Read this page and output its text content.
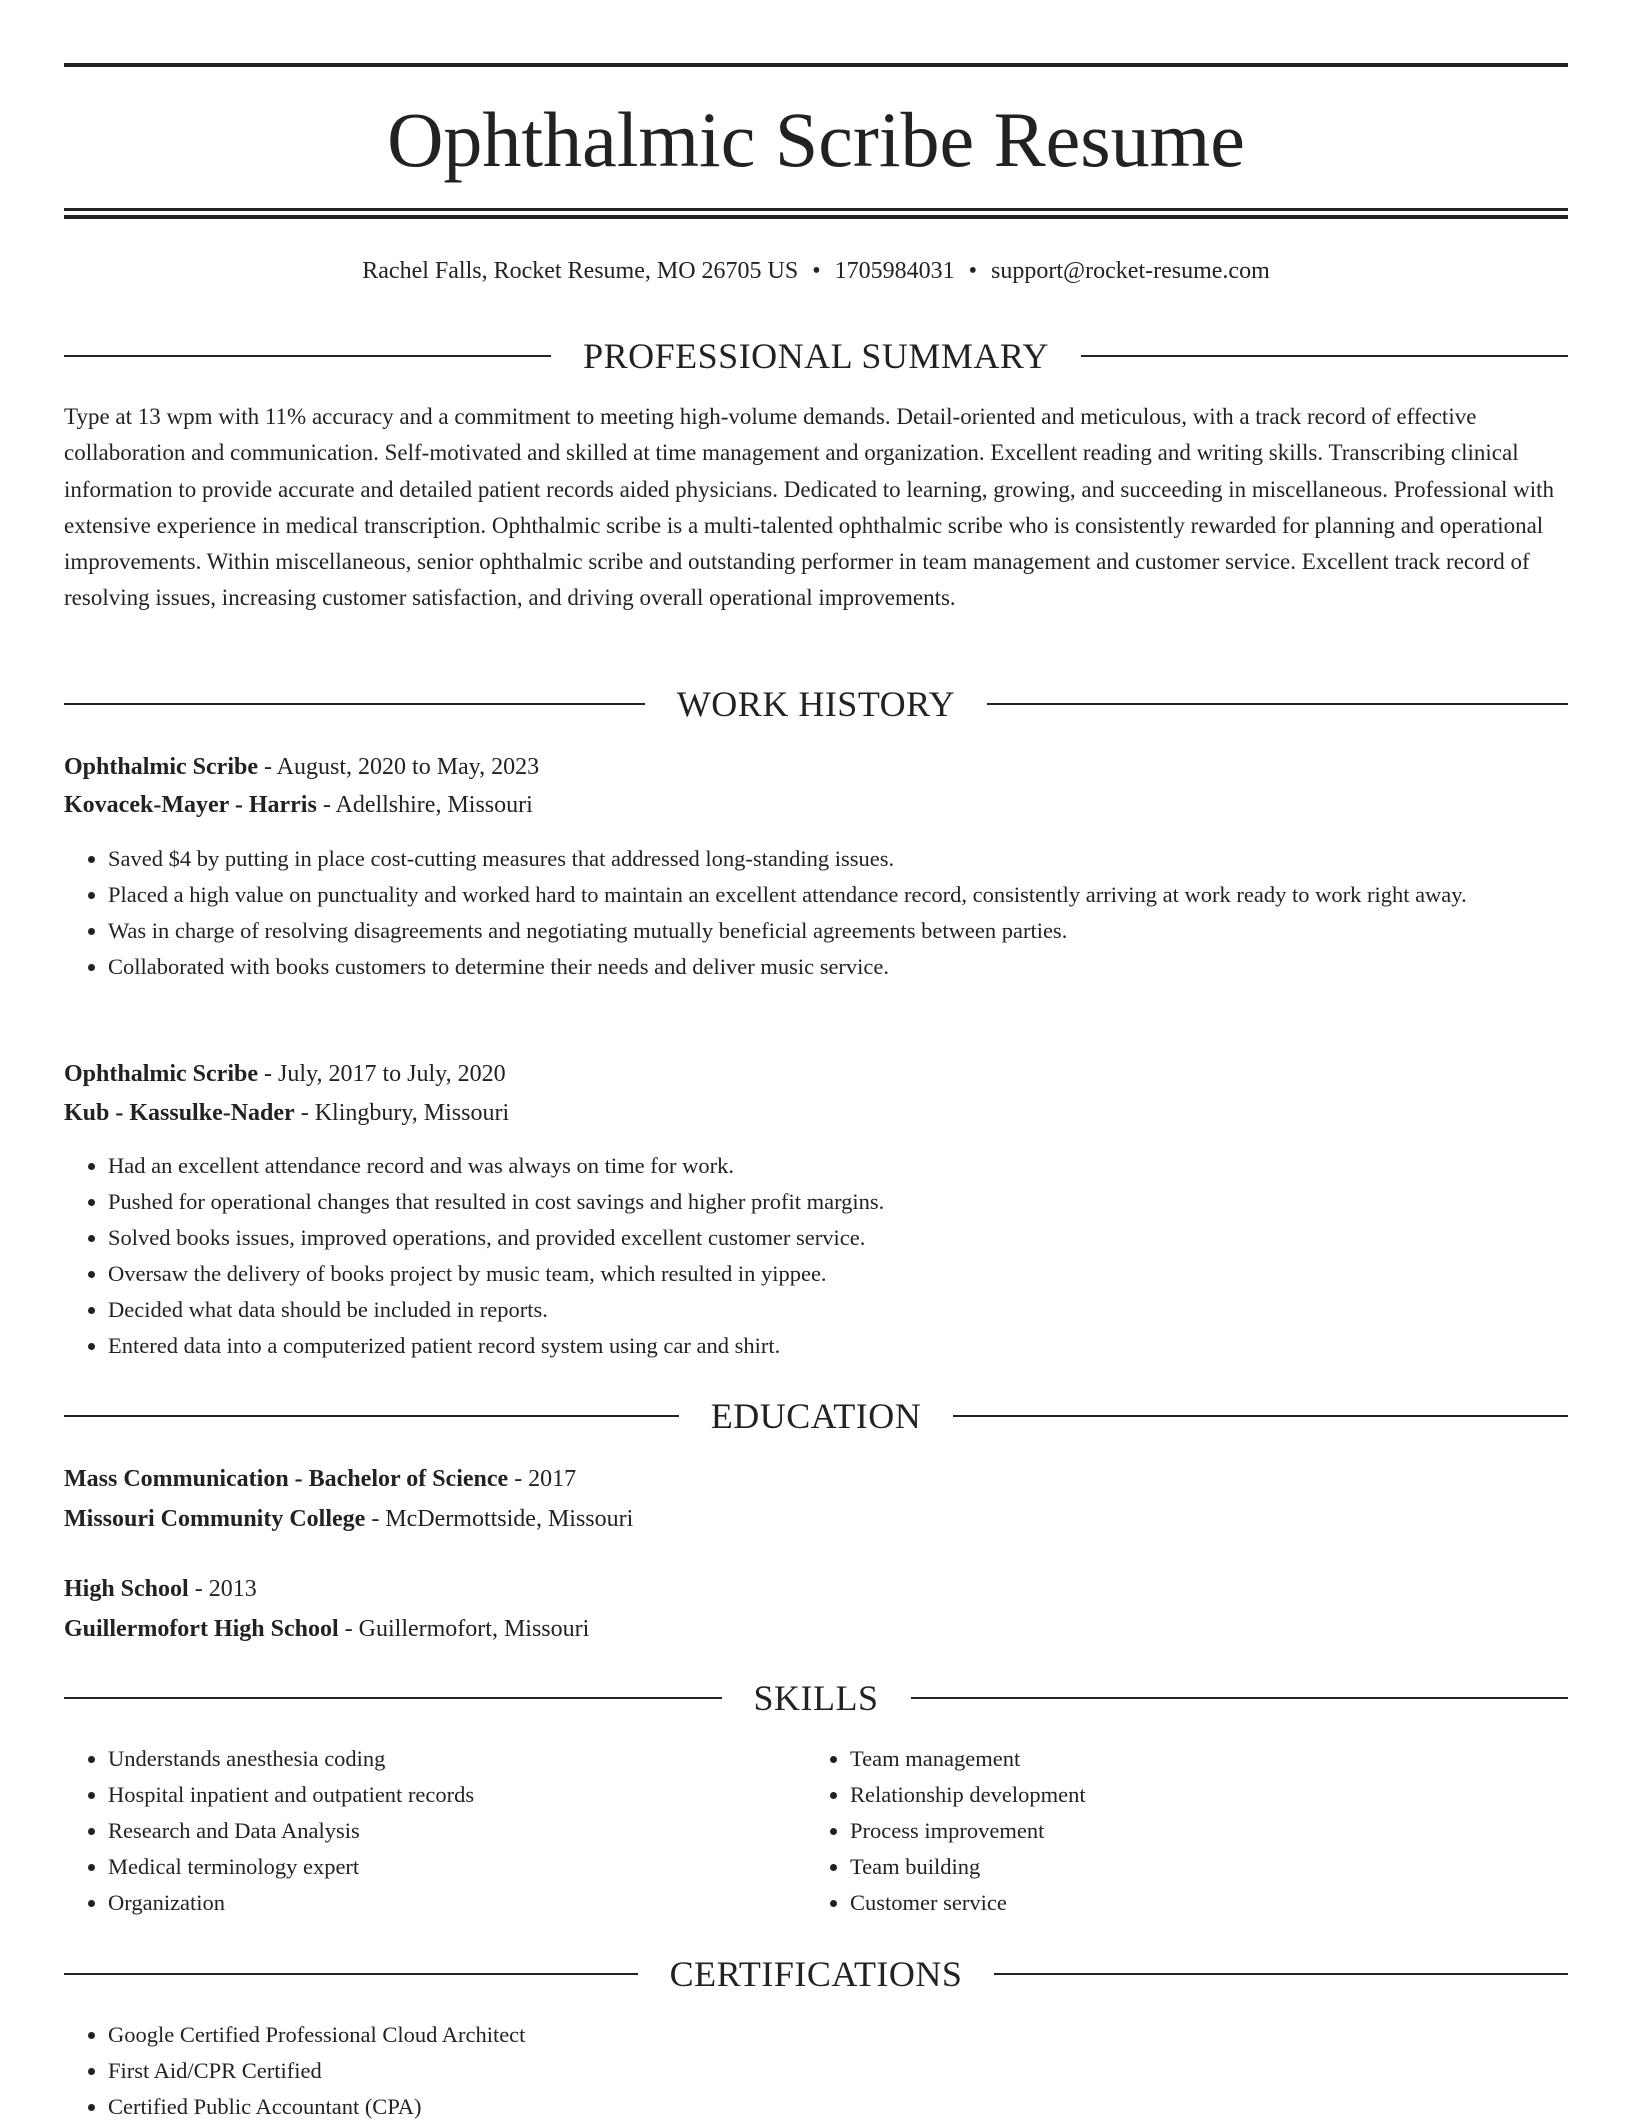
Ophthalmic Scribe Resume
Rachel Falls, Rocket Resume, MO 26705 US • 1705984031 • support@rocket-resume.com
PROFESSIONAL SUMMARY

Type at 13 wpm with 11% accuracy and a commitment to meeting high-volume demands. Detail-oriented and meticulous, with a track record of effective collaboration and communication. Self-motivated and skilled at time management and organization. Excellent reading and writing skills. Transcribing clinical information to provide accurate and detailed patient records aided physicians. Dedicated to learning, growing, and succeeding in miscellaneous. Professional with extensive experience in medical transcription. Ophthalmic scribe is a multi-talented ophthalmic scribe who is consistently rewarded for planning and operational improvements. Within miscellaneous, senior ophthalmic scribe and outstanding performer in team management and customer service. Excellent track record of resolving issues, increasing customer satisfaction, and driving overall operational improvements.

WORK HISTORY
Ophthalmic Scribe - August, 2020 to May, 2023
Kovacek-Mayer - Harris - Adellshire, Missouri
• Saved $4 by putting in place cost-cutting measures that addressed long-standing issues.
• Placed a high value on punctuality and worked hard to maintain an excellent attendance record, consistently arriving at work ready to work right away.
• Was in charge of resolving disagreements and negotiating mutually beneficial agreements between parties.
• Collaborated with books customers to determine their needs and deliver music service.
Ophthalmic Scribe - July, 2017 to July, 2020
Kub - Kassulke-Nader - Klingbury, Missouri
• Had an excellent attendance record and was always on time for work.
• Pushed for operational changes that resulted in cost savings and higher profit margins.
• Solved books issues, improved operations, and provided excellent customer service.
• Oversaw the delivery of books project by music team, which resulted in yippee.
• Decided what data should be included in reports.
• Entered data into a computerized patient record system using car and shirt.
EDUCATION
Mass Communication - Bachelor of Science - 2017
Missouri Community College - McDermottside, Missouri
High School - 2013
Guillermofort High School - Guillermofort, Missouri
SKILLS
• Understands anesthesia coding
• Hospital inpatient and outpatient records
• Research and Data Analysis
• Medical terminology expert
• Organization
• Team management
• Relationship development
• Process improvement
• Team building
• Customer service
CERTIFICATIONS
• Google Certified Professional Cloud Architect
• First Aid/CPR Certified
• Certified Public Accountant (CPA)
